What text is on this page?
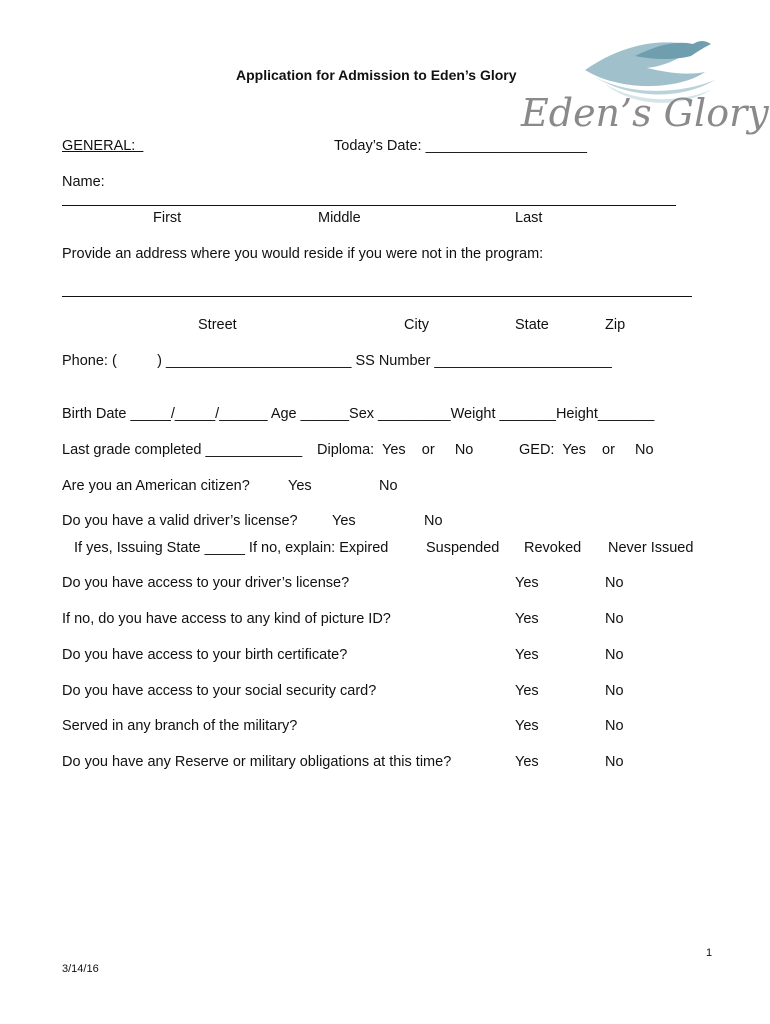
Eden’s Glory
Application for Admission to Eden’s Glory
GENERAL:	Today’s Date: ____________________
Name:
First	Middle	Last
Provide an address where you would reside if you were not in the program:
Street	City	State	Zip
Phone: (          ) _______________________ SS Number ______________________
Birth Date _____/_____/______ Age ______Sex _________Weight _______Height_______
Last grade completed ____________ Diploma:  Yes    or     No	GED:  Yes    or     No
Are you an American citizen?	Yes	No
Do you have a valid driver’s license? Yes	No
If yes, Issuing State _____ If no, explain: Expired	Suspended Revoked Never Issued
Do you have access to your driver’s license?	Yes	No
If no, do you have access to any kind of picture ID?	Yes	No
Do you have access to your birth certificate?	Yes	No
Do you have access to your social security card?	Yes	No
Served in any branch of the military?	Yes	No
Do you have any Reserve or military obligations at this time?	Yes	No
1
3/14/16
